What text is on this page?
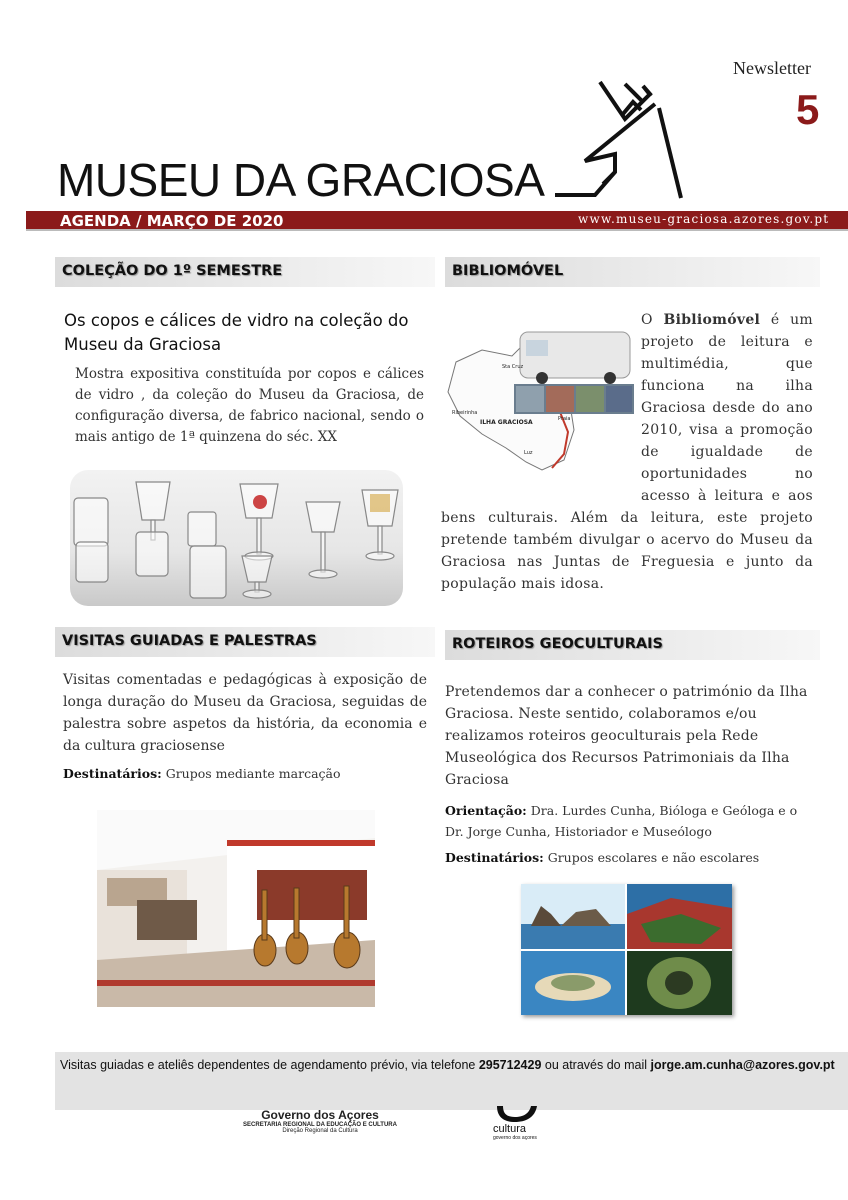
Newsletter
5
MUSEU DA GRACIOSA
AGENDA / MARÇO DE 2020	www.museu-graciosa.azores.gov.pt
COLEÇÃO DO 1º SEMESTRE
Os copos e cálices de vidro na coleção do Museu da Graciosa
Mostra expositiva constituída por copos e cálices de vidro , da coleção do Museu da Graciosa, de configuração diversa, de fabrico nacional, sendo o mais antigo de 1ª quinzena do séc. XX
BIBLIOMÓVEL
Sta Cruz
Ribeirinha
ILHA GRACIOSA	Praia
Luz
O Bibliomóvel é um projeto de leitura e multimédia, que funciona na ilha Graciosa desde do ano 2010, visa a promoção de igualdade de oportunidades no acesso à leitura e aos bens culturais. Além da leitura, este projeto pretende também divulgar o acervo do Museu da Graciosa nas Juntas de Freguesia e junto da população mais idosa.
VISITAS GUIADAS E PALESTRAS
Visitas comentadas e pedagógicas à exposição de longa duração do Museu da Graciosa, seguidas de palestra sobre aspetos da história, da economia e da cultura graciosense
Destinatários: Grupos mediante marcação
ROTEIROS GEOCULTURAIS
Pretendemos dar a conhecer o património da Ilha Graciosa. Neste sentido, colaboramos e/ou realizamos roteiros geoculturais pela Rede Museológica dos Recursos Patrimoniais da Ilha Graciosa
Orientação: Dra. Lurdes Cunha, Bióloga e Geóloga e o Dr. Jorge Cunha, Historiador e Museólogo
Destinatários: Grupos escolares e não escolares
Visitas guiadas e ateliês dependentes de agendamento prévio, via telefone 295712429 ou através do mail jorge.am.cunha@azores.gov.pt
Governo dos Açores
SECRETARIA REGIONAL DA EDUCAÇÃO E CULTURA
Direção Regional da Cultura	cultura
governo dos açores
